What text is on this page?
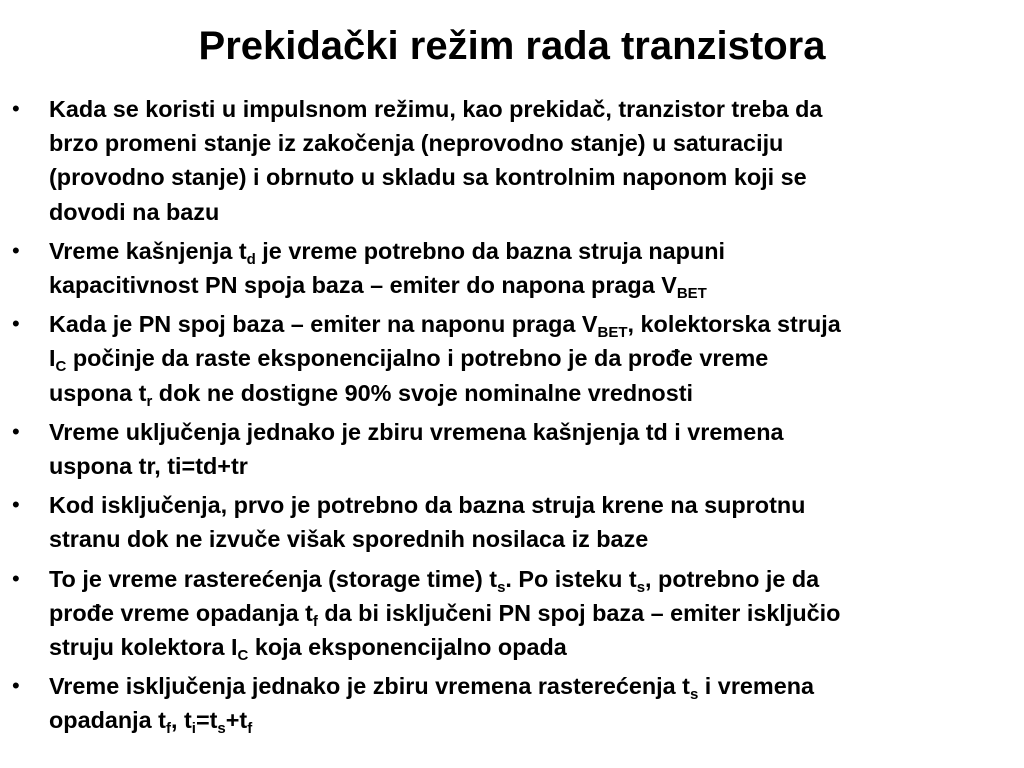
Prekidački režim rada tranzistora
• Kada se koristi u impulsnom režimu, kao prekidač, tranzistor treba da
brzo promeni stanje iz zakočenja (neprovodno stanje) u saturaciju
(provodno stanje) i obrnuto u skladu sa kontrolnim naponom koji se
dovodi na bazu
• Vreme kašnjenja $t_d$ je vreme potrebno da bazna struja napuni
kapacitivnost PN spoja baza – emiter do napona praga $V_{BET}$
• Kada je PN spoj baza – emiter na naponu praga $V_{BET}$, kolektorska struja
$I_C$ počinje da raste eksponencijalno i potrebno je da prođe vreme
uspona $t_r$ dok ne dostigne 90% svoje nominalne vrednosti
• Vreme uključenja jednako je zbiru vremena kašnjenja td i vremena
uspona tr, ti=td+tr
• Kod isključenja, prvo je potrebno da bazna struja krene na suprotnu
stranu dok ne izvuče višak sporednih nosilaca iz baze
• To je vreme rasterećenja (storage time) $t_s$. Po isteku $t_s$, potrebno je da
prođe vreme opadanja $t_f$ da bi isključeni PN spoj baza – emiter isključio
struju kolektora $I_C$ koja eksponencijalno opada
• Vreme isključenja jednako je zbiru vremena rasterećenja $t_s$ i vremena
opadanja $t_f$, $t_i=t_s+t_f$
